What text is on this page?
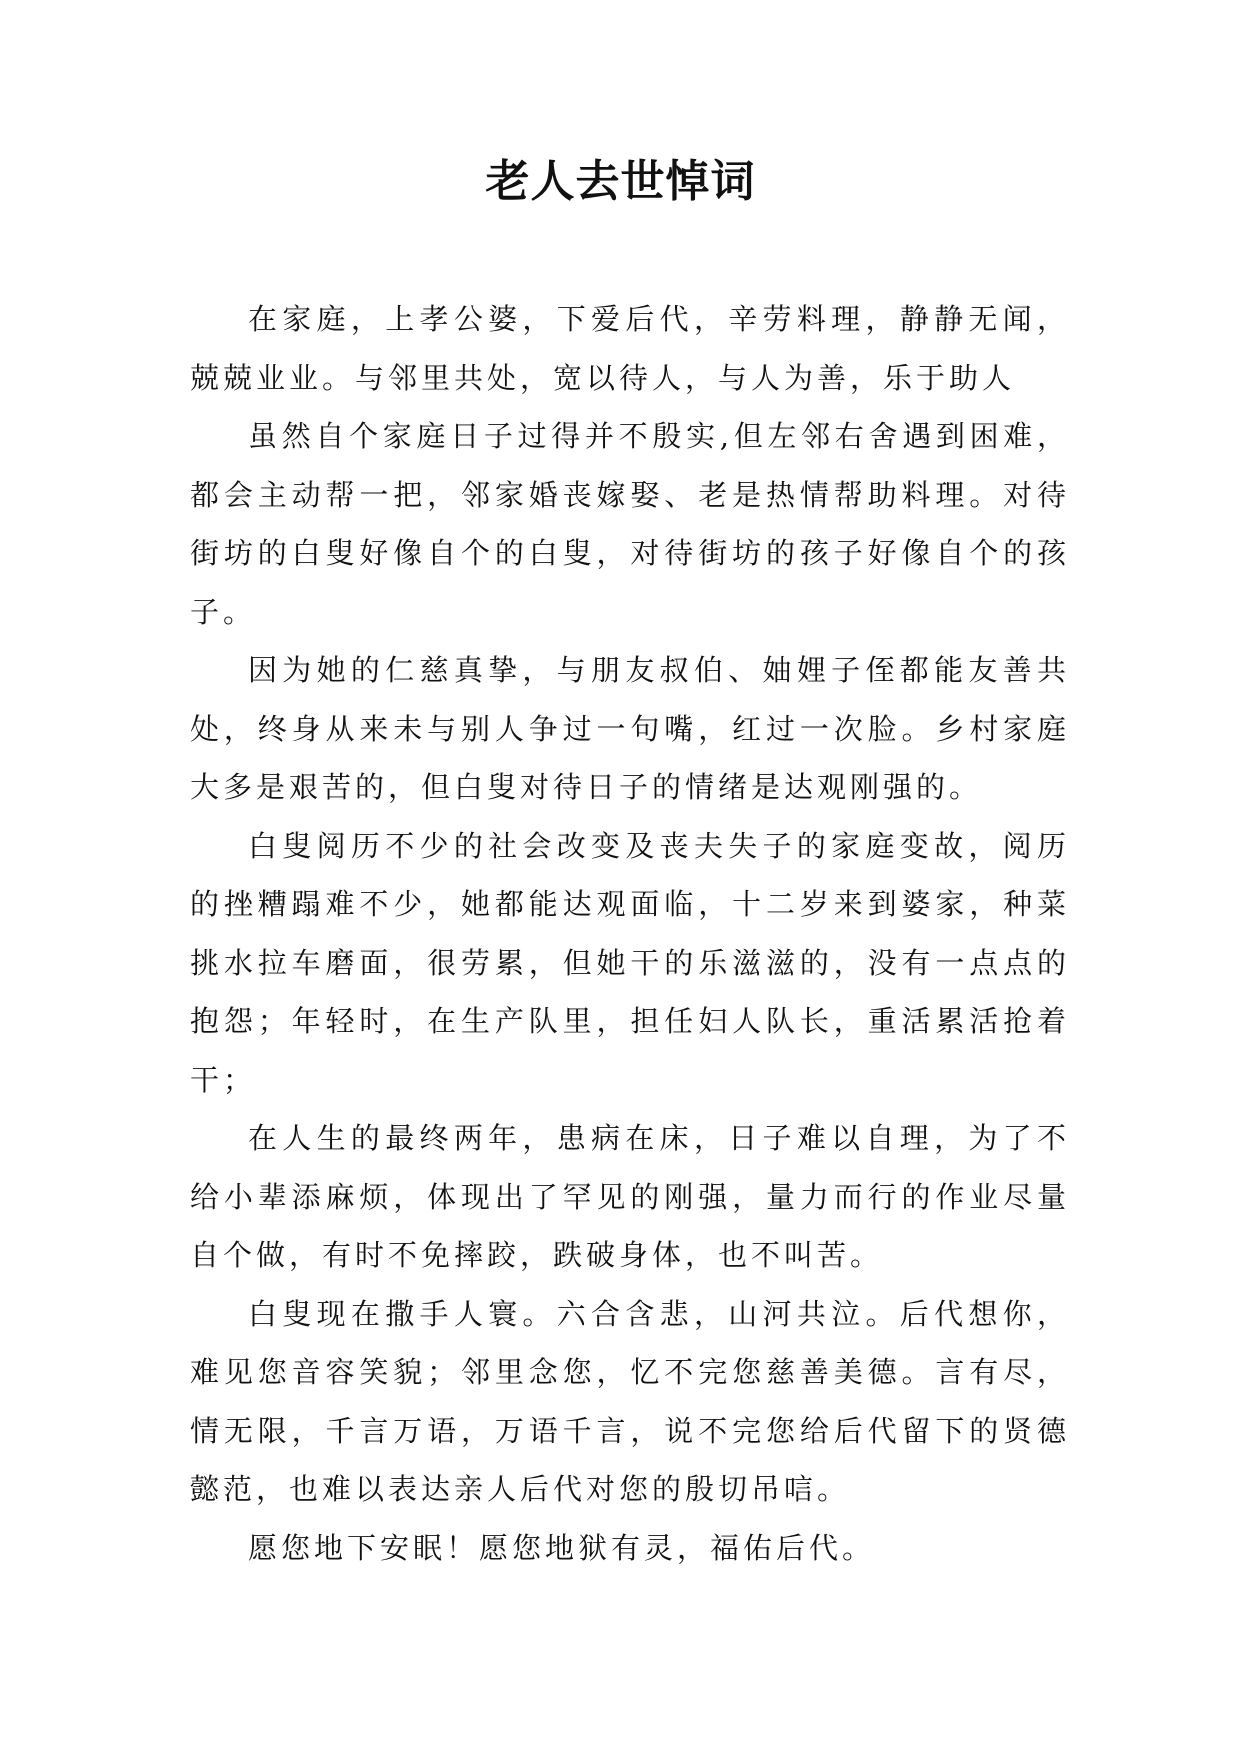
老人去世悼词

在家庭，上孝公婆，下爱后代，辛劳料理，静静无闻，兢兢业业。与邻里共处，宽以待人，与人为善，乐于助人

虽然自个家庭日子过得并不殷实,但左邻右舍遇到困难，都会主动帮一把，邻家婚丧嫁娶、老是热情帮助料理。对待街坊的白叟好像自个的白叟，对待街坊的孩子好像自个的孩子。

因为她的仁慈真挚，与朋友叔伯、妯娌子侄都能友善共处，终身从来未与别人争过一句嘴，红过一次脸。乡村家庭大多是艰苦的，但白叟对待日子的情绪是达观刚强的。

白叟阅历不少的社会改变及丧夫失子的家庭变故，阅历的挫糟蹋难不少，她都能达观面临，十二岁来到婆家，种菜挑水拉车磨面，很劳累，但她干的乐滋滋的，没有一点点的抱怨；年轻时，在生产队里，担任妇人队长，重活累活抢着干；

在人生的最终两年，患病在床，日子难以自理，为了不给小辈添麻烦，体现出了罕见的刚强，量力而行的作业尽量自个做，有时不免摔跤，跌破身体，也不叫苦。

白叟现在撒手人寰。六合含悲，山河共泣。后代想你，难见您音容笑貌；邻里念您，忆不完您慈善美德。言有尽，情无限，千言万语，万语千言，说不完您给后代留下的贤德懿范，也难以表达亲人后代对您的殷切吊唁。

愿您地下安眠！愿您地狱有灵，福佑后代。
